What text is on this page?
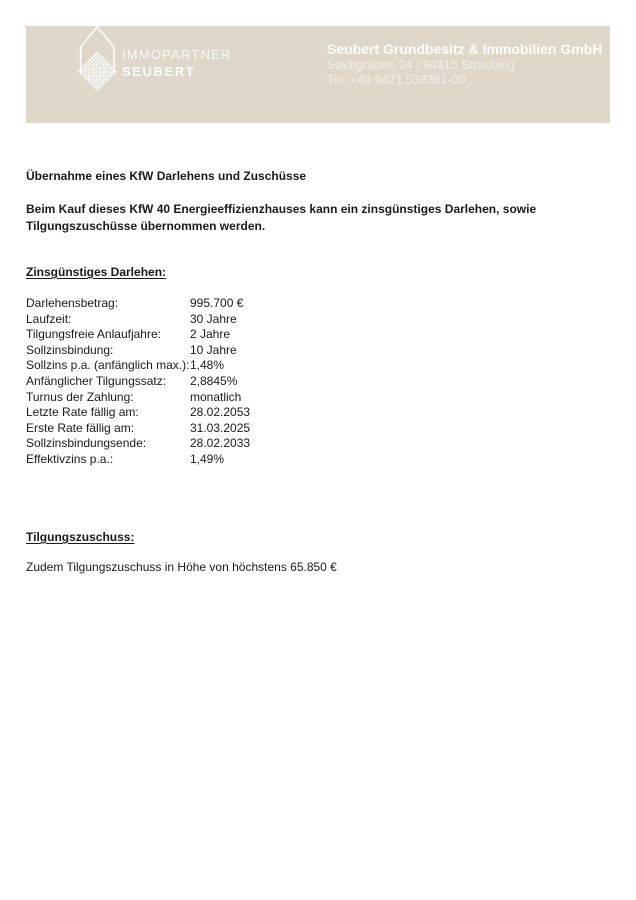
IMMOPARTNER
SEUBERT
Seubert Grundbesitz & Immobilien GmbH
Stadtgraben 24 I 94315 Straubing
Tel. +49 9421 533361-00
Übernahme eines KfW Darlehens und Zuschüsse
Beim Kauf dieses KfW 40 Energieeffizienzhauses kann ein zinsgünstiges Darlehen, sowie Tilgungszuschüsse übernommen werden.
Zinsgünstiges Darlehen:
Darlehensbetrag:	995.700 €
Laufzeit:	30 Jahre
Tilgungsfreie Anlaufjahre:	2 Jahre
Sollzinsbindung:	10 Jahre
Sollzins p.a. (anfänglich max.): 1,48%
Anfänglicher Tilgungssatz:	2,8845%
Turnus der Zahlung:	monatlich
Letzte Rate fällig am:	28.02.2053
Erste Rate fällig am:	31.03.2025
Sollzinsbindungsende:	28.02.2033
Effektivzins p.a.:	1,49%
Tilgungszuschuss:
Zudem Tilgungszuschuss in Höhe von höchstens 65.850 €
